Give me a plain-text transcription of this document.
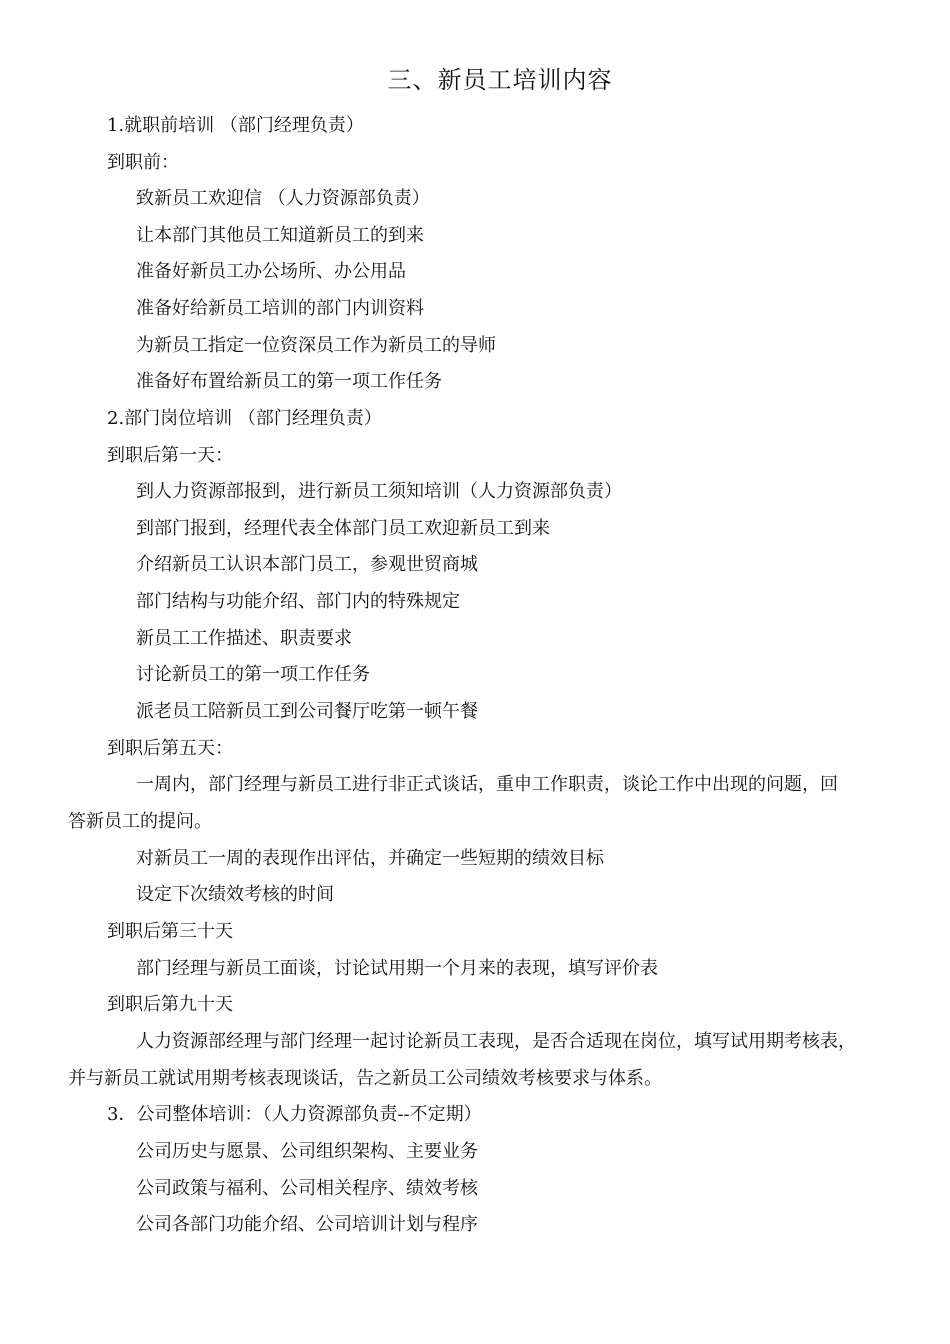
三、新员工培训内容
1.就职前培训 （部门经理负责）
到职前：
致新员工欢迎信 （人力资源部负责）
让本部门其他员工知道新员工的到来
准备好新员工办公场所、办公用品
准备好给新员工培训的部门内训资料
为新员工指定一位资深员工作为新员工的导师
准备好布置给新员工的第一项工作任务
2.部门岗位培训 （部门经理负责）
到职后第一天：
到人力资源部报到，进行新员工须知培训（人力资源部负责）
到部门报到，经理代表全体部门员工欢迎新员工到来
介绍新员工认识本部门员工，参观世贸商城
部门结构与功能介绍、部门内的特殊规定
新员工工作描述、职责要求
讨论新员工的第一项工作任务
派老员工陪新员工到公司餐厅吃第一顿午餐
到职后第五天：
一周内，部门经理与新员工进行非正式谈话，重申工作职责，谈论工作中出现的问题，回
答新员工的提问。
对新员工一周的表现作出评估，并确定一些短期的绩效目标
设定下次绩效考核的时间
到职后第三十天
部门经理与新员工面谈，讨论试用期一个月来的表现，填写评价表
到职后第九十天
人力资源部经理与部门经理一起讨论新员工表现，是否合适现在岗位，填写试用期考核表，
并与新员工就试用期考核表现谈话，告之新员工公司绩效考核要求与体系。
3．公司整体培训：（人力资源部负责--不定期）
公司历史与愿景、公司组织架构、主要业务
公司政策与福利、公司相关程序、绩效考核
公司各部门功能介绍、公司培训计划与程序
